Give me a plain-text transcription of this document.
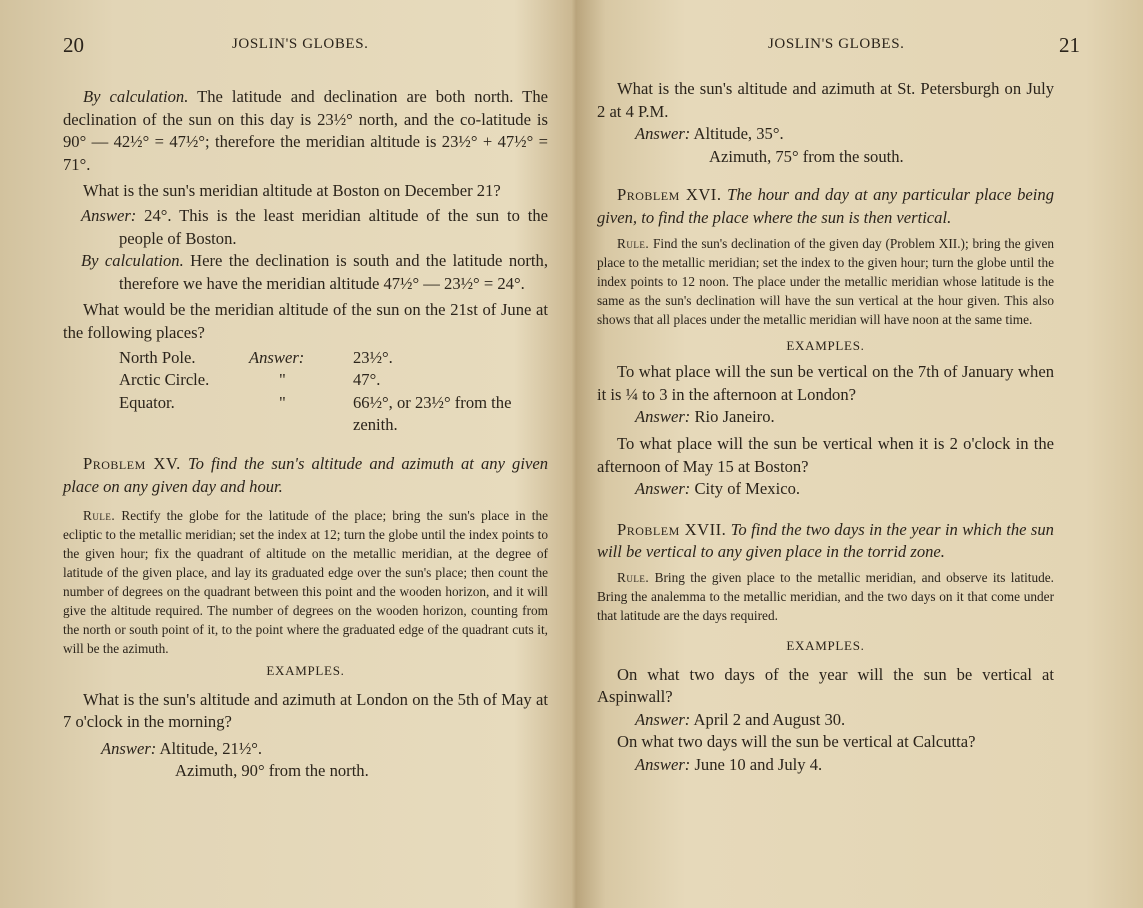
20	JOSLIN'S GLOBES.

By calculation. The latitude and declination are both north. The declination of the sun on this day is 23½° north, and the co-latitude is 90° — 42½° = 47½°; therefore the meridian altitude is 23½° + 47½° = 71°.

What is the sun's meridian altitude at Boston on December 21?

Answer: 24°. This is the least meridian altitude of the sun to the people of Boston.

By calculation. Here the declination is south and the latitude north, therefore we have the meridian altitude 47½° — 23½° = 24°.

What would be the meridian altitude of the sun on the 21st of June at the following places?

North Pole.	Answer:	23½°.
Arctic Circle.	"	47°.
Equator.	"	66½°, or 23½° from the zenith.

Problem XV. To find the sun's altitude and azimuth at any given place on any given day and hour.

Rule. Rectify the globe for the latitude of the place; bring the sun's place in the ecliptic to the metallic meridian; set the index at 12; turn the globe until the index points to the given hour; fix the quadrant of altitude on the metallic meridian, at the degree of latitude of the given place, and lay its graduated edge over the sun's place; then count the number of degrees on the quadrant between this point and the wooden horizon, and it will give the altitude required. The number of degrees on the wooden horizon, counting from the north or south point of it, to the point where the graduated edge of the quadrant cuts it, will be the azimuth.

EXAMPLES.

What is the sun's altitude and azimuth at London on the 5th of May at 7 o'clock in the morning?

Answer: Altitude, 21½°.

Azimuth, 90° from the north.

JOSLIN'S GLOBES.	21

What is the sun's altitude and azimuth at St. Petersburgh on July 2 at 4 P.M.

Answer: Altitude, 35°.

Azimuth, 75° from the south.

Problem XVI. The hour and day at any particular place being given, to find the place where the sun is then vertical.

Rule. Find the sun's declination of the given day (Problem XII.); bring the given place to the metallic meridian; set the index to the given hour; turn the globe until the index points to 12 noon. The place under the metallic meridian whose latitude is the same as the sun's declination will have the sun vertical at the hour given. This also shows that all places under the metallic meridian will have noon at the same time.

EXAMPLES.

To what place will the sun be vertical on the 7th of January when it is ¼ to 3 in the afternoon at London?

Answer: Rio Janeiro.

To what place will the sun be vertical when it is 2 o'clock in the afternoon of May 15 at Boston?

Answer: City of Mexico.

Problem XVII. To find the two days in the year in which the sun will be vertical to any given place in the torrid zone.

Rule. Bring the given place to the metallic meridian, and observe its latitude. Bring the analemma to the metallic meridian, and the two days on it that come under that latitude are the days required.

EXAMPLES.

On what two days of the year will the sun be vertical at Aspinwall?

Answer: April 2 and August 30.

On what two days will the sun be vertical at Calcutta?

Answer: June 10 and July 4.
